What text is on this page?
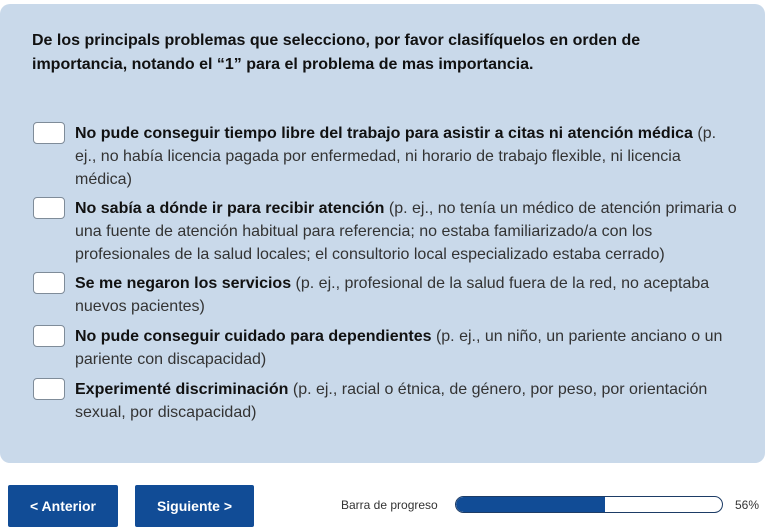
De los principals problemas que selecciono, por favor clasifíquelos en orden de importancia, notando el “1” para el problema de mas importancia.
No pude conseguir tiempo libre del trabajo para asistir a citas ni atención médica (p. ej., no había licencia pagada por enfermedad, ni horario de trabajo flexible, ni licencia médica)
No sabía a dónde ir para recibir atención (p. ej., no tenía un médico de atención primaria o una fuente de atención habitual para referencia; no estaba familiarizado/a con los profesionales de la salud locales; el consultorio local especializado estaba cerrado)
Se me negaron los servicios (p. ej., profesional de la salud fuera de la red, no aceptaba nuevos pacientes)
No pude conseguir cuidado para dependientes (p. ej., un niño, un pariente anciano o un pariente con discapacidad)
Experimenté discriminación (p. ej., racial o étnica, de género, por peso, por orientación sexual, por discapacidad)
< Anterior	Siguiente >	Barra de progreso	56%
